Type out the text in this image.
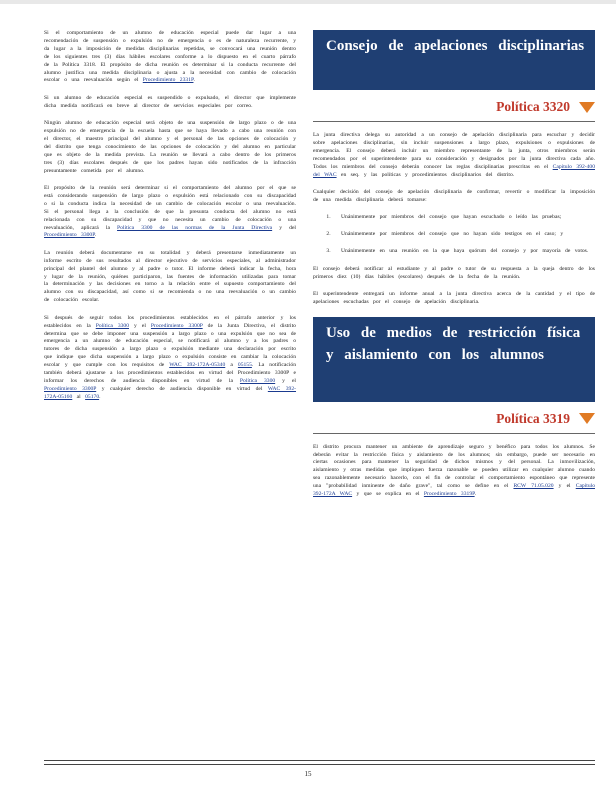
Si el comportamiento de un alumno de educación especial puede dar lugar a una recomendación de suspensión o expulsión no de emergencia o es de naturaleza recurrente, y da lugar a la imposición de medidas disciplinarias repetidas, se convocará una reunión dentro de los siguientes tres (3) días hábiles escolares conforme a lo dispuesto en el cuarto párrafo de la Política 3318. El propósito de dicha reunión es determinar si la conducta recurrente del alumno justifica una medida disciplinaria o ajusta a la necesidad con cambio de colocación escolar o una reevaluación según el Procedimiento 2331P.

Si un alumno de educación especial es suspendido o expulsado, el director que implemente dicha medida notificará en breve al director de servicios especiales por correo.

Ningún alumno de educación especial será objeto de una suspensión de largo plazo o de una expulsión no de emergencia de la escuela hasta que se haya llevado a cabo una reunión con el director, el maestro principal del alumno y el personal de las opciones de colocación y del distrito que tenga conocimiento de las opciones de colocación y del alumno en particular que es objeto de la medida prevista. La reunión se llevará a cabo dentro de los primeros tres (3) días escolares después de que los padres hayan sido notificados de la infracción presuntamente cometida por el alumno.

El propósito de la reunión será determinar si el comportamiento del alumno por el que se está considerando suspensión de largo plazo o expulsión está relacionado con su discapacidad o si la conducta indica la necesidad de un cambio de colocación escolar o una reevaluación. Si el personal llega a la conclusión de que la presunta conducta del alumno no está relacionada con su discapacidad y que no necesita un cambio de colocación o una reevaluación, aplicará la Política 3300 de las normas de la Junta Directiva y del Procedimiento 3300P.

La reunión deberá documentarse en su totalidad y deberá presentarse inmediatamente un informe escrito de sus resultados al director ejecutivo de servicios especiales, al administrador principal del plantel del alumno y al padre o tutor. El informe deberá indicar la fecha, hora y lugar de la reunión, quiénes participaron, las fuentes de información utilizadas para tomar la determinación y las decisiones en torno a la relación entre el supuesto comportamiento del alumno con su discapacidad, así como si se recomienda o no una reevaluación o un cambio de colocación escolar.

Si después de seguir todos los procedimientos establecidos en el párrafo anterior y los establecidos en la Política 3300 y el Procedimiento 3300P de la Junta Directiva, el distrito determina que se debe imponer una suspensión a largo plazo o una expulsión que no sea de emergencia a un alumno de educación especial, se notificará al alumno y a los padres o tutores de dicha suspensión a largo plazo o expulsión mediante una declaración por escrito que indique que dicha suspensión a largo plazo o expulsión consiste en cambiar la colocación escolar y que cumple con los requisitos de WAC 392-172A-05340 a 05155. La notificación también deberá ajustarse a los procedimientos establecidos en virtud del Procedimiento 3300P e informar los derechos de audiencia disponibles en virtud de la Política 3300 y el Procedimiento 3300P y cualquier derecho de audiencia disponible en virtud del WAC 392-172A-05160 al 05170.

Consejo de apelaciones disciplinarias
Política 3320

La junta directiva delega su autoridad a un consejo de apelación disciplinaria para escuchar y decidir sobre apelaciones disciplinarias, sin incluir suspensiones a largo plazo, expulsiones o expulsiones de emergencia. El consejo deberá incluir un miembro representante de la junta, otros miembros serán recomendados por el superintendente para su consideración y designados por la junta directiva cada año. Todos los miembros del consejo deberán conocer las reglas disciplinarias prescritas en el Capítulo 392-400 del WAC en seq. y las políticas y procedimientos disciplinarios del distrito.

Cualquier decisión del consejo de apelación disciplinaria de confirmar, revertir o modificar la imposición de una medida disciplinaria deberá tomarse:

1. Unánimemente por miembros del consejo que hayan escuchado o leído las pruebas;
2. Unánimemente por miembros del consejo que no hayan sido testigos en el caso; y
3. Unánimemente en una reunión en la que haya quórum del consejo y por mayoría de votos.

El consejo deberá notificar al estudiante y al padre o tutor de su respuesta a la queja dentro de los primeros diez (10) días hábiles (escolares) después de la fecha de la reunión.

El superintendente entregará un informe anual a la junta directiva acerca de la cantidad y el tipo de apelaciones escuchadas por el consejo de apelación disciplinaria.

Uso de medios de restricción física y aislamiento con los alumnos
Política 3319

El distrito procura mantener un ambiente de aprendizaje seguro y benéfico para todos los alumnos. Se deberán evitar la restricción física y aislamiento de los alumnos; sin embargo, puede ser necesario en ciertas ocasiones para mantener la seguridad de dichos mismos y del personal. La inmovilización, aislamiento y otras medidas que impliquen fuerza razonable se pueden utilizar en cualquier alumno cuando sea razonablemente necesario hacerlo, con el fin de controlar el comportamiento espontáneo que represente una "probabilidad inminente de daño grave", tal como se define en el RCW 71.05.020 y el Capítulo 392-172A WAC y que se explica en el Procedimiento 3319P.

15
